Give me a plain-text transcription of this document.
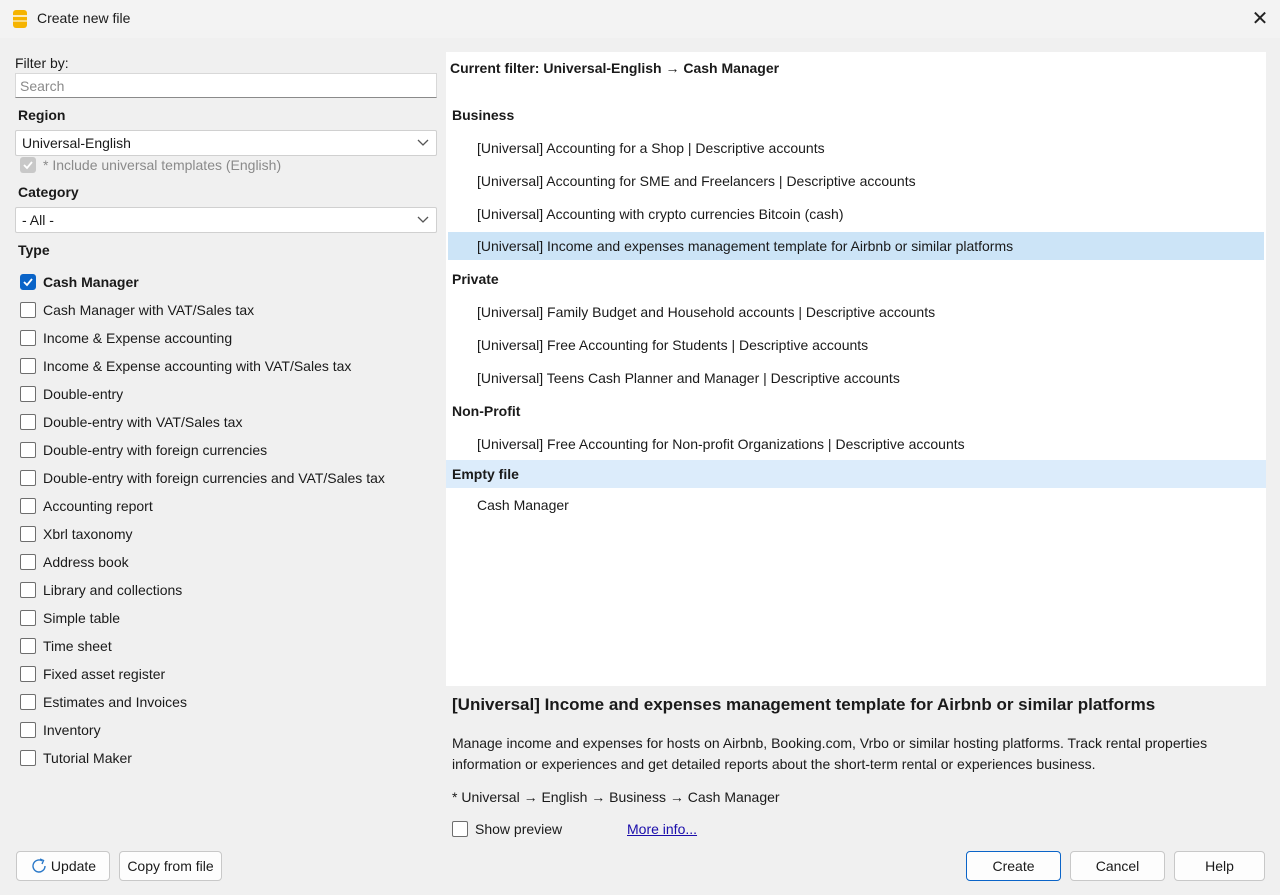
Create new file	✕
Filter by:
Search
Region
Universal-English
* Include universal templates (English)
Category
- All -
Type
Cash Manager
Cash Manager with VAT/Sales tax
Income & Expense accounting
Income & Expense accounting with VAT/Sales tax
Double-entry
Double-entry with VAT/Sales tax
Double-entry with foreign currencies
Double-entry with foreign currencies and VAT/Sales tax
Accounting report
Xbrl taxonomy
Address book
Library and collections
Simple table
Time sheet
Fixed asset register
Estimates and Invoices
Inventory
Tutorial Maker
Current filter: Universal-English → Cash Manager
Business
[Universal] Accounting for a Shop | Descriptive accounts
[Universal] Accounting for SME and Freelancers | Descriptive accounts
[Universal] Accounting with crypto currencies Bitcoin (cash)
[Universal] Income and expenses management template for Airbnb or similar platforms
Private
[Universal] Family Budget and Household accounts | Descriptive accounts
[Universal] Free Accounting for Students | Descriptive accounts
[Universal] Teens Cash Planner and Manager | Descriptive accounts
Non-Profit
[Universal] Free Accounting for Non-profit Organizations | Descriptive accounts
Empty file
Cash Manager
[Universal] Income and expenses management template for Airbnb or similar platforms
Manage income and expenses for hosts on Airbnb, Booking.com, Vrbo or similar hosting platforms. Track rental properties information or experiences and get detailed reports about the short-term rental or experiences business.
* Universal → English → Business → Cash Manager
Show preview	More info...
Update Copy from file	Create	Cancel	Help
